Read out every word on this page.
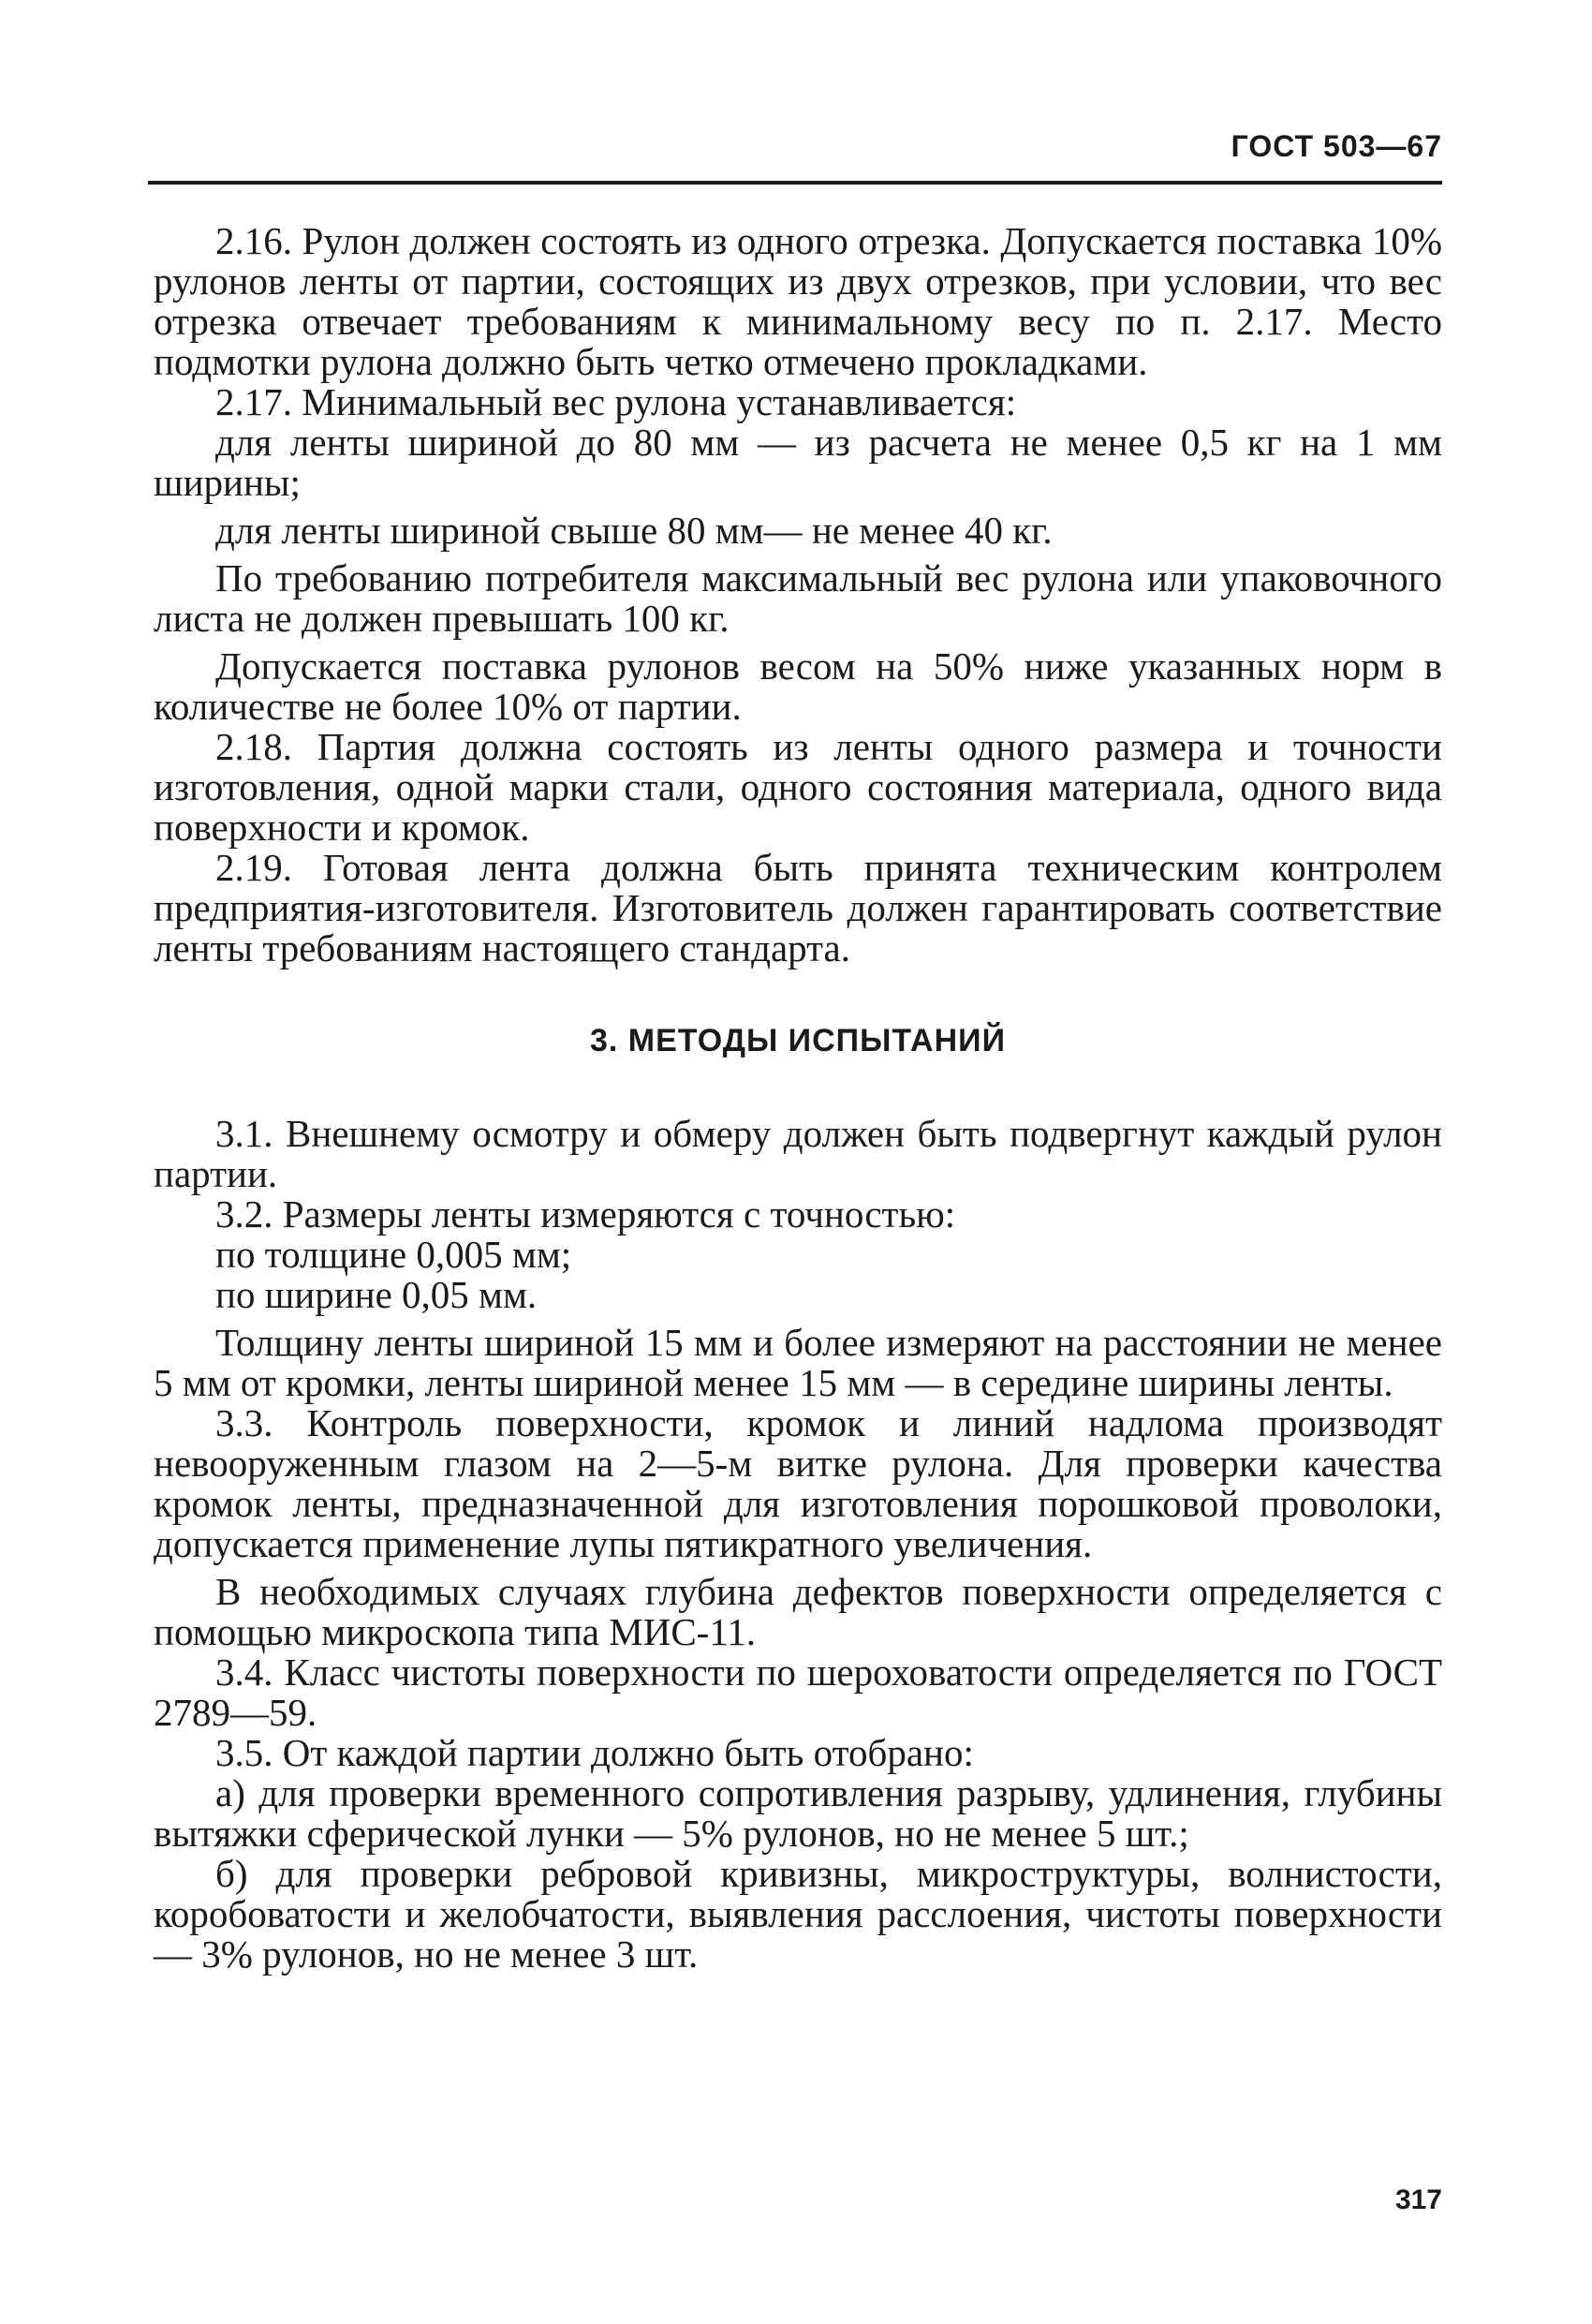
ГОСТ 503—67

2.16. Рулон должен состоять из одного отрезка. Допускается поставка 10% рулонов ленты от партии, состоящих из двух отрезков, при условии, что вес отрезка отвечает требованиям к минимальному весу по п. 2.17. Место подмотки рулона должно быть четко отмечено прокладками.

2.17. Минимальный вес рулона устанавливается:

для ленты шириной до 80 мм — из расчета не менее 0,5 кг на 1 мм ширины;

для ленты шириной свыше 80 мм— не менее 40 кг.

По требованию потребителя максимальный вес рулона или упаковочного листа не должен превышать 100 кг.

Допускается поставка рулонов весом на 50% ниже указанных норм в количестве не более 10% от партии.

2.18. Партия должна состоять из ленты одного размера и точности изготовления, одной марки стали, одного состояния материала, одного вида поверхности и кромок.

2.19. Готовая лента должна быть принята техническим контролем предприятия-изготовителя. Изготовитель должен гарантировать соответствие ленты требованиям настоящего стандарта.

3. МЕТОДЫ ИСПЫТАНИЙ

3.1. Внешнему осмотру и обмеру должен быть подвергнут каждый рулон партии.

3.2. Размеры ленты измеряются с точностью:

по толщине 0,005 мм;

по ширине 0,05 мм.

Толщину ленты шириной 15 мм и более измеряют на расстоянии не менее 5 мм от кромки, ленты шириной менее 15 мм — в середине ширины ленты.

3.3. Контроль поверхности, кромок и линий надлома производят невооруженным глазом на 2—5-м витке рулона. Для проверки качества кромок ленты, предназначенной для изготовления порошковой проволоки, допускается применение лупы пятикратного увеличения.

В необходимых случаях глубина дефектов поверхности определяется с помощью микроскопа типа МИС-11.

3.4. Класс чистоты поверхности по шероховатости определяется по ГОСТ 2789—59.

3.5. От каждой партии должно быть отобрано:

а) для проверки временного сопротивления разрыву, удлинения, глубины вытяжки сферической лунки — 5% рулонов, но не менее 5 шт.;

б) для проверки ребровой кривизны, микроструктуры, волнистости, коробоватости и желобчатости, выявления расслоения, чистоты поверхности — 3% рулонов, но не менее 3 шт.

317
